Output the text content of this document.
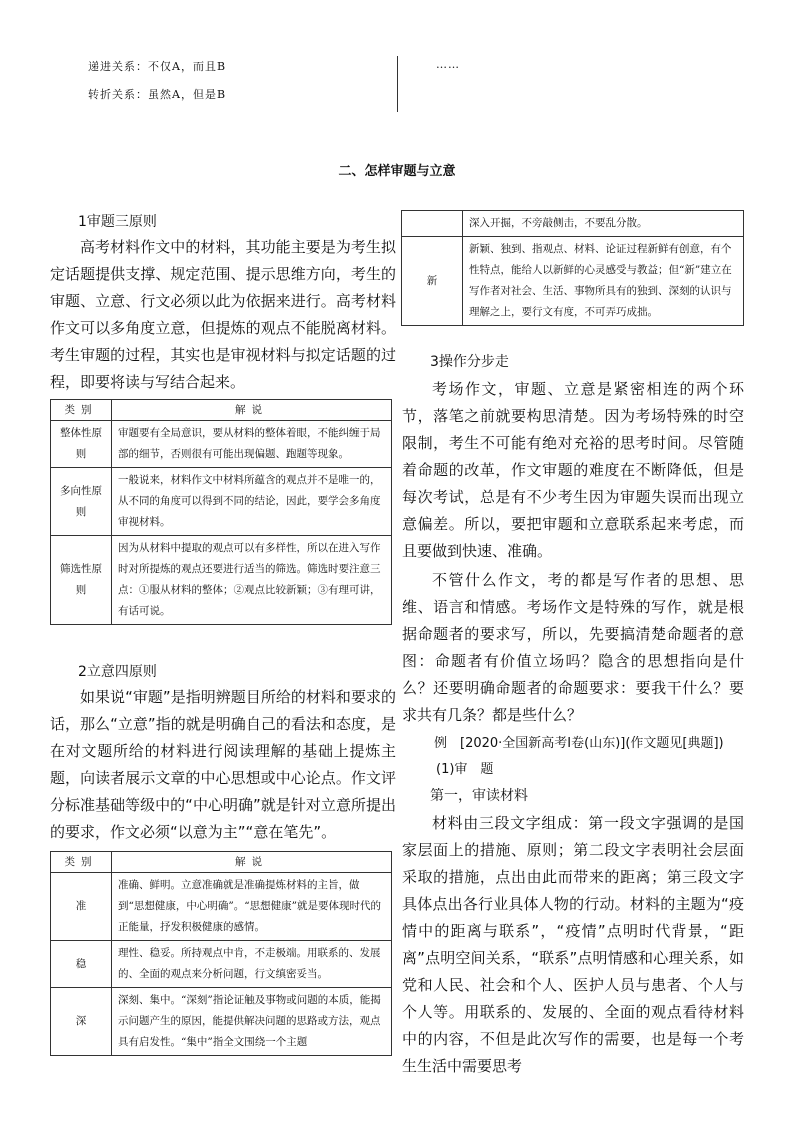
递进关系：不仅A，而且B
转折关系：虽然A，但是B
……
二、怎样审题与立意
1审题三原则

高考材料作文中的材料，其功能主要是为考生拟定话题提供支撑、规定范围、提示思维方向，考生的审题、立意、行文必须以此为依据来进行。高考材料作文可以多角度立意，但提炼的观点不能脱离材料。考生审题的过程，其实也是审视材料与拟定话题的过程，即要将读与写结合起来。

类别	解说
整体性原则	审题要有全局意识，要从材料的整体着眼，不能纠缠于局部的细节，否则很有可能出现偏题、跑题等现象。
多向性原则	一般说来，材料作文中材料所蕴含的观点并不是唯一的，从不同的角度可以得到不同的结论，因此，要学会多角度审视材料。
筛选性原则	因为从材料中提取的观点可以有多样性，所以在进入写作时对所提炼的观点还要进行适当的筛选。筛选时要注意三点：①服从材料的整体；②观点比较新颖；③有理可讲，有话可说。
2立意四原则

如果说“审题”是指明辨题目所给的材料和要求的话，那么“立意”指的就是明确自己的看法和态度，是在对文题所给的材料进行阅读理解的基础上提炼主题，向读者展示文章的中心思想或中心论点。作文评分标准基础等级中的“中心明确”就是针对立意所提出的要求，作文必须“以意为主”“意在笔先”。

类别	解说
准	准确、鲜明。立意准确就是准确提炼材料的主旨，做到“思想健康，中心明确”。“思想健康”就是要体现时代的正能量，抒发积极健康的感情。
稳	理性、稳妥。所持观点中肯，不走极端。用联系的、发展的、全面的观点来分析问题，行文缜密妥当。
深	深刻、集中。“深刻”指论证触及事物或问题的本质，能揭示问题产生的原因，能提供解决问题的思路或方法，观点具有启发性。“集中”指全文围绕一个主题
	深入开掘，不旁敲侧击，不要乱分散。
新	新颖、独到、指观点、材料、论证过程新鲜有创意，有个性特点，能给人以新鲜的心灵感受与教益；但“新”建立在写作者对社会、生活、事物所具有的独到、深刻的认识与理解之上，要行文有度，不可弄巧成拙。
3操作分步走

考场作文，审题、立意是紧密相连的两个环节，落笔之前就要构思清楚。因为考场特殊的时空限制，考生不可能有绝对充裕的思考时间。尽管随着命题的改革，作文审题的难度在不断降低，但是每次考试，总是有不少考生因为审题失误而出现立意偏差。所以，要把审题和立意联系起来考虑，而且要做到快速、准确。

不管什么作文，考的都是写作者的思想、思维、语言和情感。考场作文是特殊的写作，就是根据命题者的要求写，所以，先要搞清楚命题者的意图：命题者有价值立场吗？隐含的思想指向是什么？还要明确命题者的命题要求：要我干什么？要求共有几条？都是些什么？

例　[2020·全国新高考Ⅰ卷(山东)](作文题见[典题])
(1)审　题
第一，审读材料

材料由三段文字组成：第一段文字强调的是国家层面上的措施、原则；第二段文字表明社会层面采取的措施，点出由此而带来的距离；第三段文字具体点出各行业具体人物的行动。材料的主题为“疫情中的距离与联系”，“疫情”点明时代背景，“距离”点明空间关系，“联系”点明情感和心理关系，如党和人民、社会和个人、医护人员与患者、个人与个人等。用联系的、发展的、全面的观点看待材料中的内容，不但是此次写作的需要，也是每一个考生生活中需要思考
